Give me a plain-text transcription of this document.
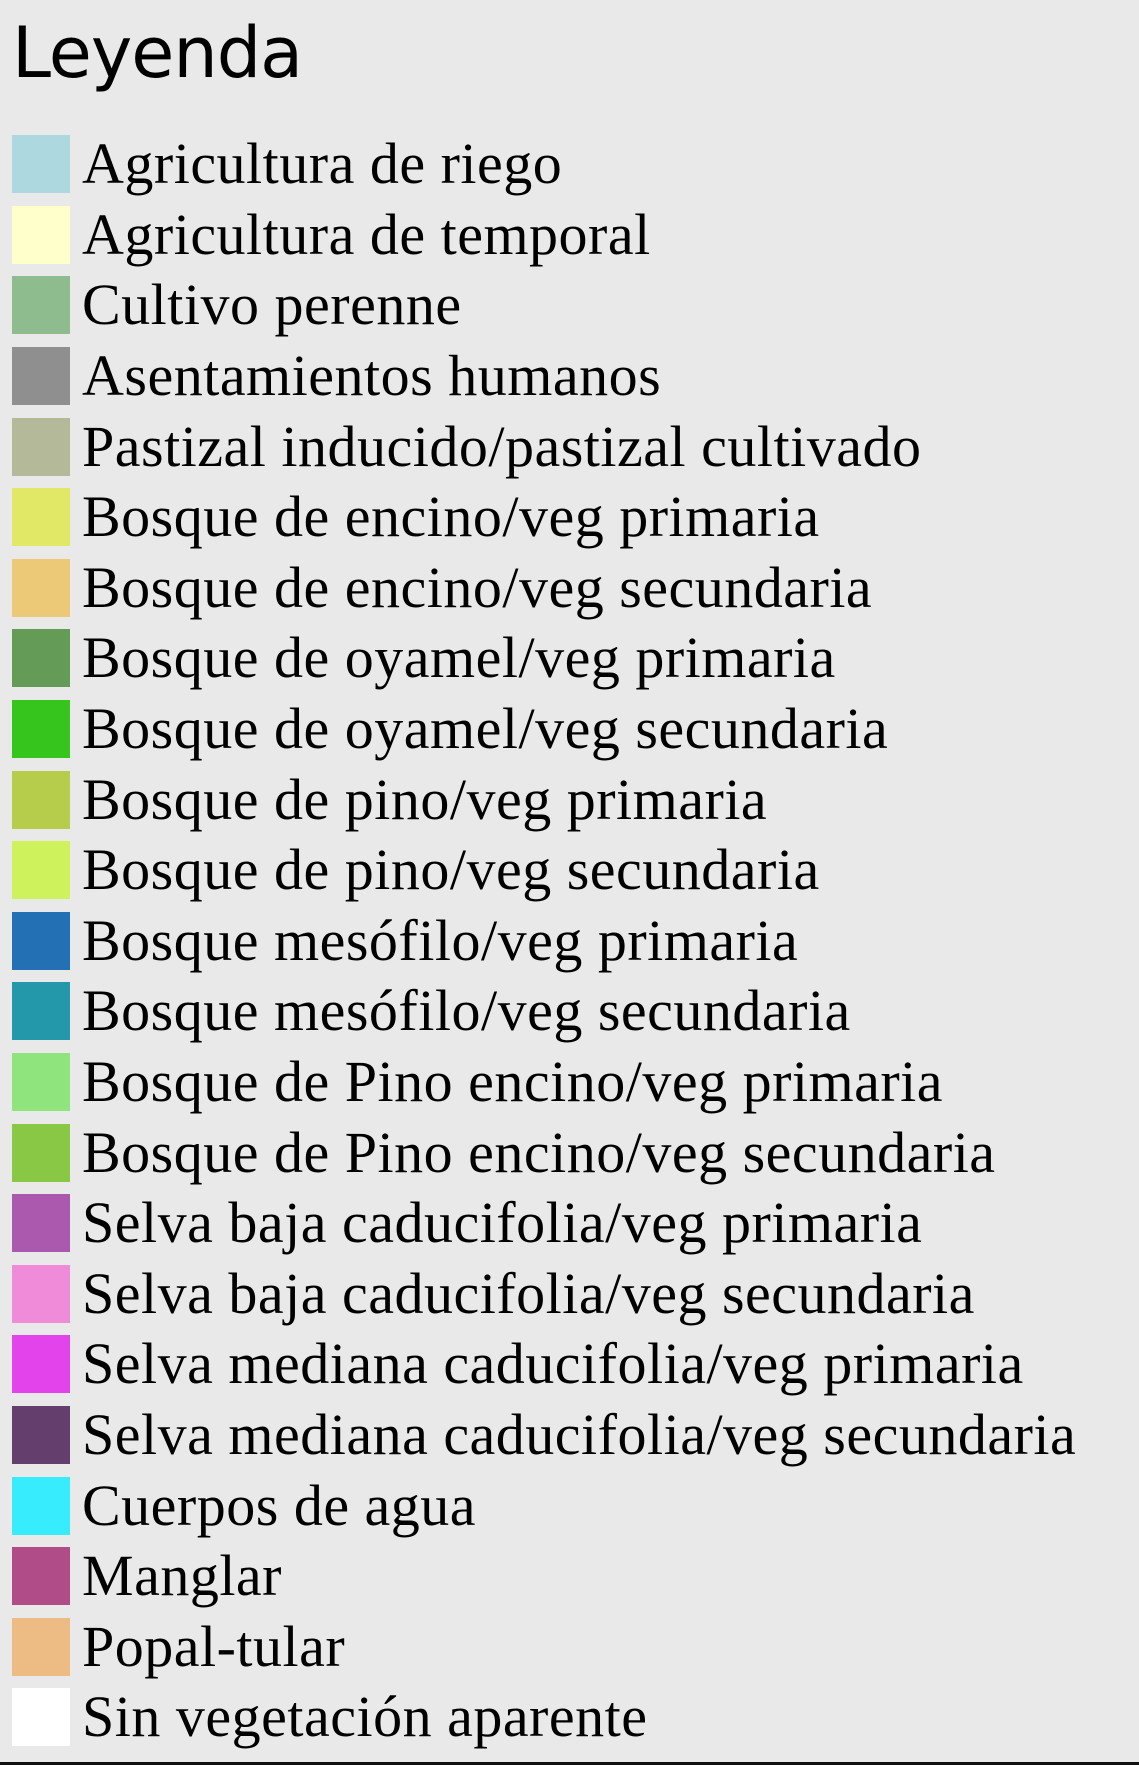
Leyenda
Agricultura de riego
Agricultura de temporal
Cultivo perenne
Asentamientos humanos
Pastizal inducido/pastizal cultivado
Bosque de encino/veg primaria
Bosque de encino/veg secundaria
Bosque de oyamel/veg primaria
Bosque de oyamel/veg secundaria
Bosque de pino/veg primaria
Bosque de pino/veg secundaria
Bosque mesófilo/veg primaria
Bosque mesófilo/veg secundaria
Bosque de Pino encino/veg primaria
Bosque de Pino encino/veg secundaria
Selva baja caducifolia/veg primaria
Selva baja caducifolia/veg secundaria
Selva mediana caducifolia/veg primaria
Selva mediana caducifolia/veg secundaria
Cuerpos de agua
Manglar
Popal-tular
Sin vegetación aparente
